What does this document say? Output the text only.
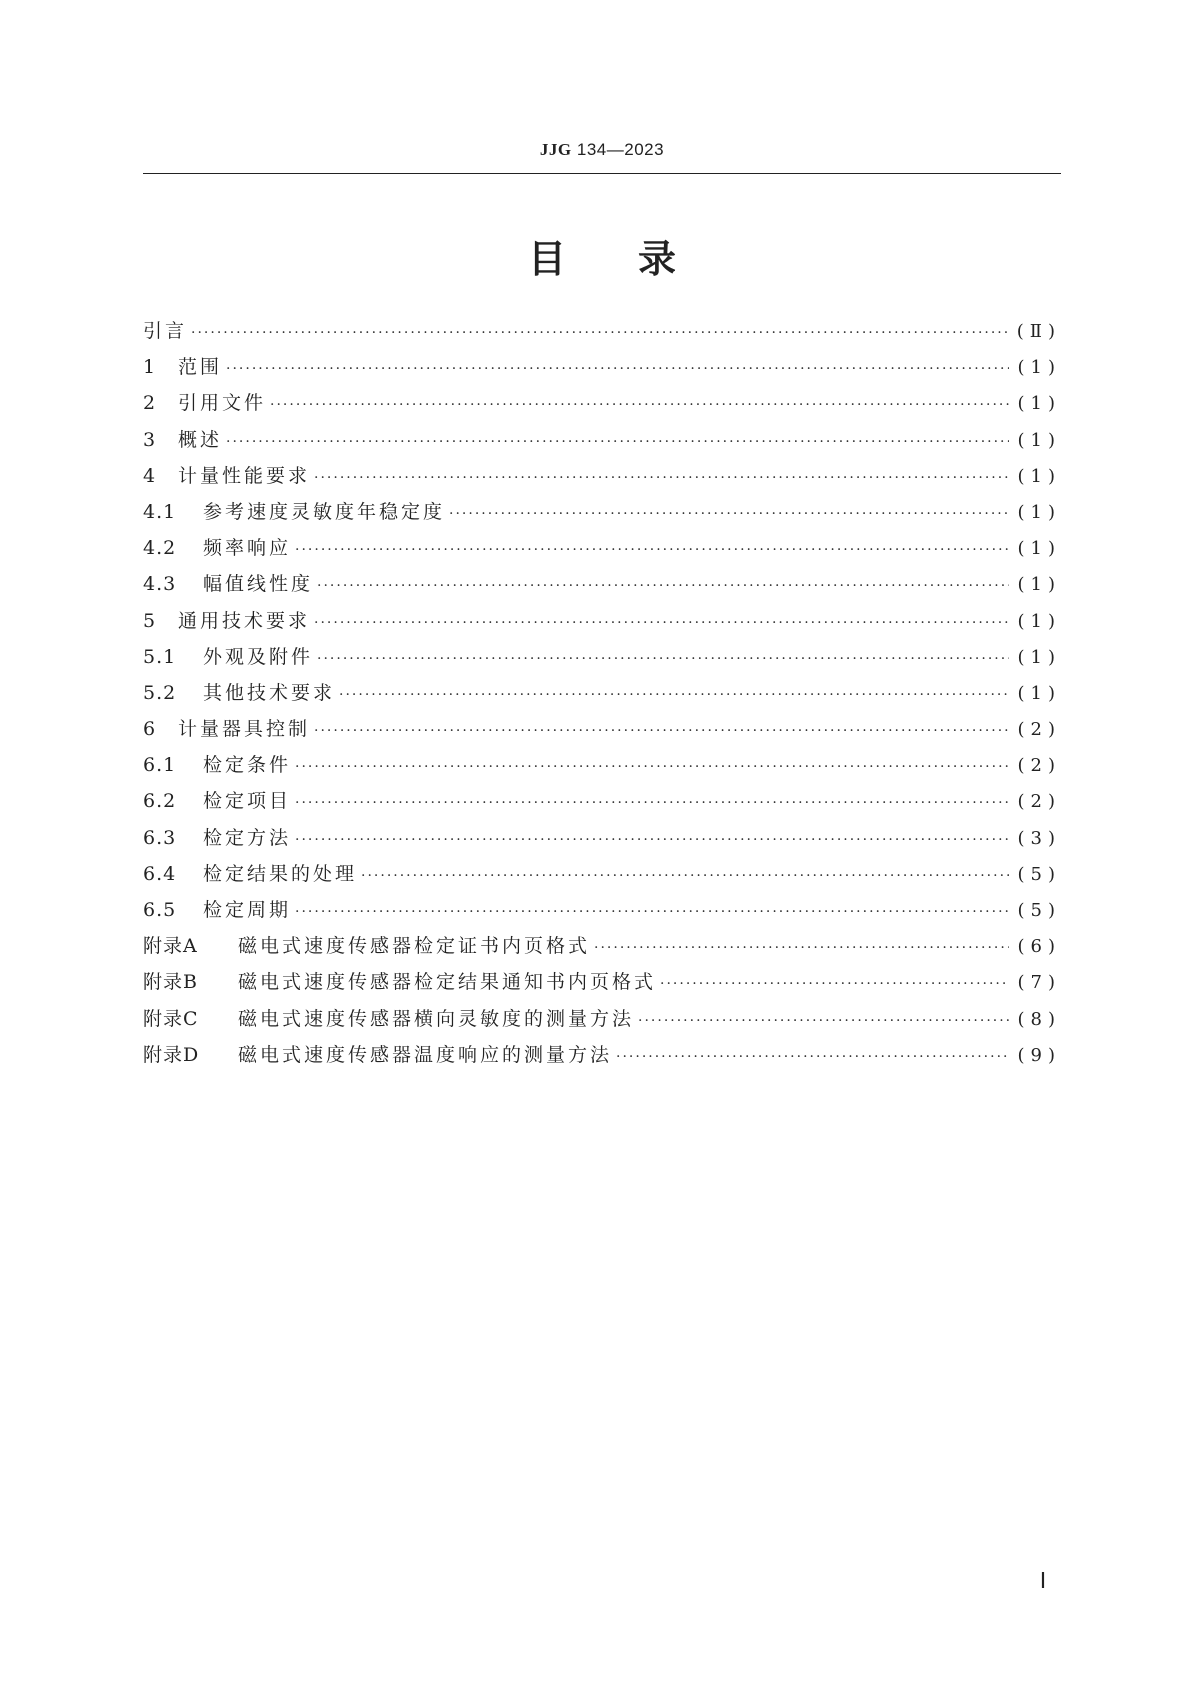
JJG 134—2023
目 录
引言 ·····	(Ⅱ)
1	范围 ·····	(1)
2	引用文件 ·····	(1)
3	概述 ·····	(1)
4	计量性能要求 ·····	(1)
4.1	参考速度灵敏度年稳定度 ·····	(1)
4.2	频率响应 ·····	(1)
4.3	幅值线性度 ·····	(1)
5	通用技术要求 ·····	(1)
5.1	外观及附件 ·····	(1)
5.2	其他技术要求 ·····	(1)
6	计量器具控制 ·····	(2)
6.1	检定条件 ·····	(2)
6.2	检定项目 ·····	(2)
6.3	检定方法 ·····	(3)
6.4	检定结果的处理 ·····	(5)
6.5	检定周期 ·····	(5)
附录A	磁电式速度传感器检定证书内页格式 ·····	(6)
附录B	磁电式速度传感器检定结果通知书内页格式 ·····	(7)
附录C	磁电式速度传感器横向灵敏度的测量方法 ·····	(8)
附录D	磁电式速度传感器温度响应的测量方法 ·····	(9)
Ⅰ
